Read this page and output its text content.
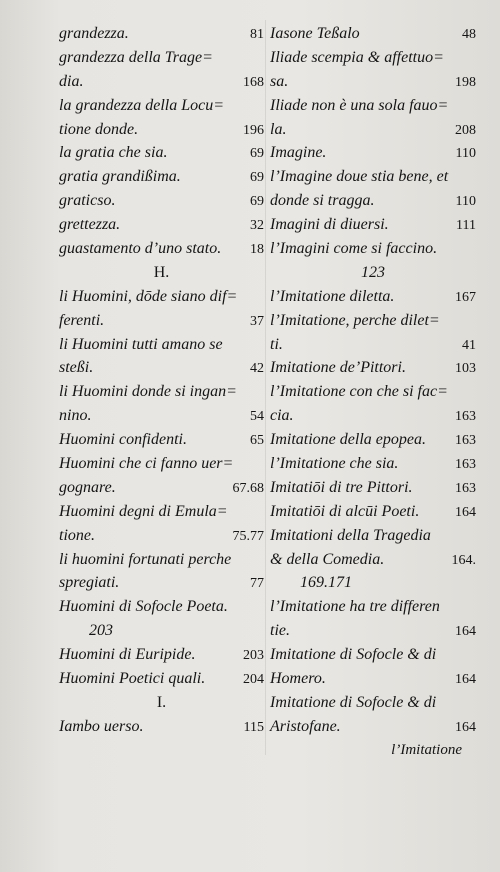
grandezza.	81
grandezza della Trage=
dia.	168
la grandezza della Locu=
tione donde.	196
la gratia che sia.	69
gratia grandißima.	69
graticso.	69
grettezza.	32
guastamento d’uno stato. 18
H.
li Huomini, dōde siano dif=
ferenti.	37
li Huomini tutti amano se
steßi.	42
li Huomini donde si ingan=
nino.	54
Huomini confidenti.	65
Huomini che ci fanno uer=
gognare.	67.68
Huomini degni di Emula=
tione.	75.77
li huomini fortunati perche
spregiati.	77
Huomini di Sofocle Poeta.
203
Huomini di Euripide.	203
Huomini Poetici quali.	204
I.
Iambo uerso.	115
Iasone Teßalo	48
Iliade scempia & affettuo=
sa.	198
Iliade non è una sola fauo=
la.	208
Imagine.	110
l’Imagine doue stia bene, et
donde si tragga.	110
Imagini di diuersi.	111
l’Imagini come si faccino.
123
l’Imitatione diletta.	167
l’Imitatione, perche dilet=
ti.	41
Imitatione de’Pittori.	103
l’Imitatione con che si fac=
cia.	163
Imitatione della epopea. 163
l’Imitatione che sia.	163
Imitatiōi di tre Pittori.	163
Imitatiōi di alcūi Poeti.	164
Imitationi della Tragedia
& della Comedia.	164.
169.171
l’Imitatione ha tre differen
tie.	164
Imitatione di Sofocle & di
Homero.	164
Imitatione di Sofocle & di
Aristofane.	164
l’Imitatione
